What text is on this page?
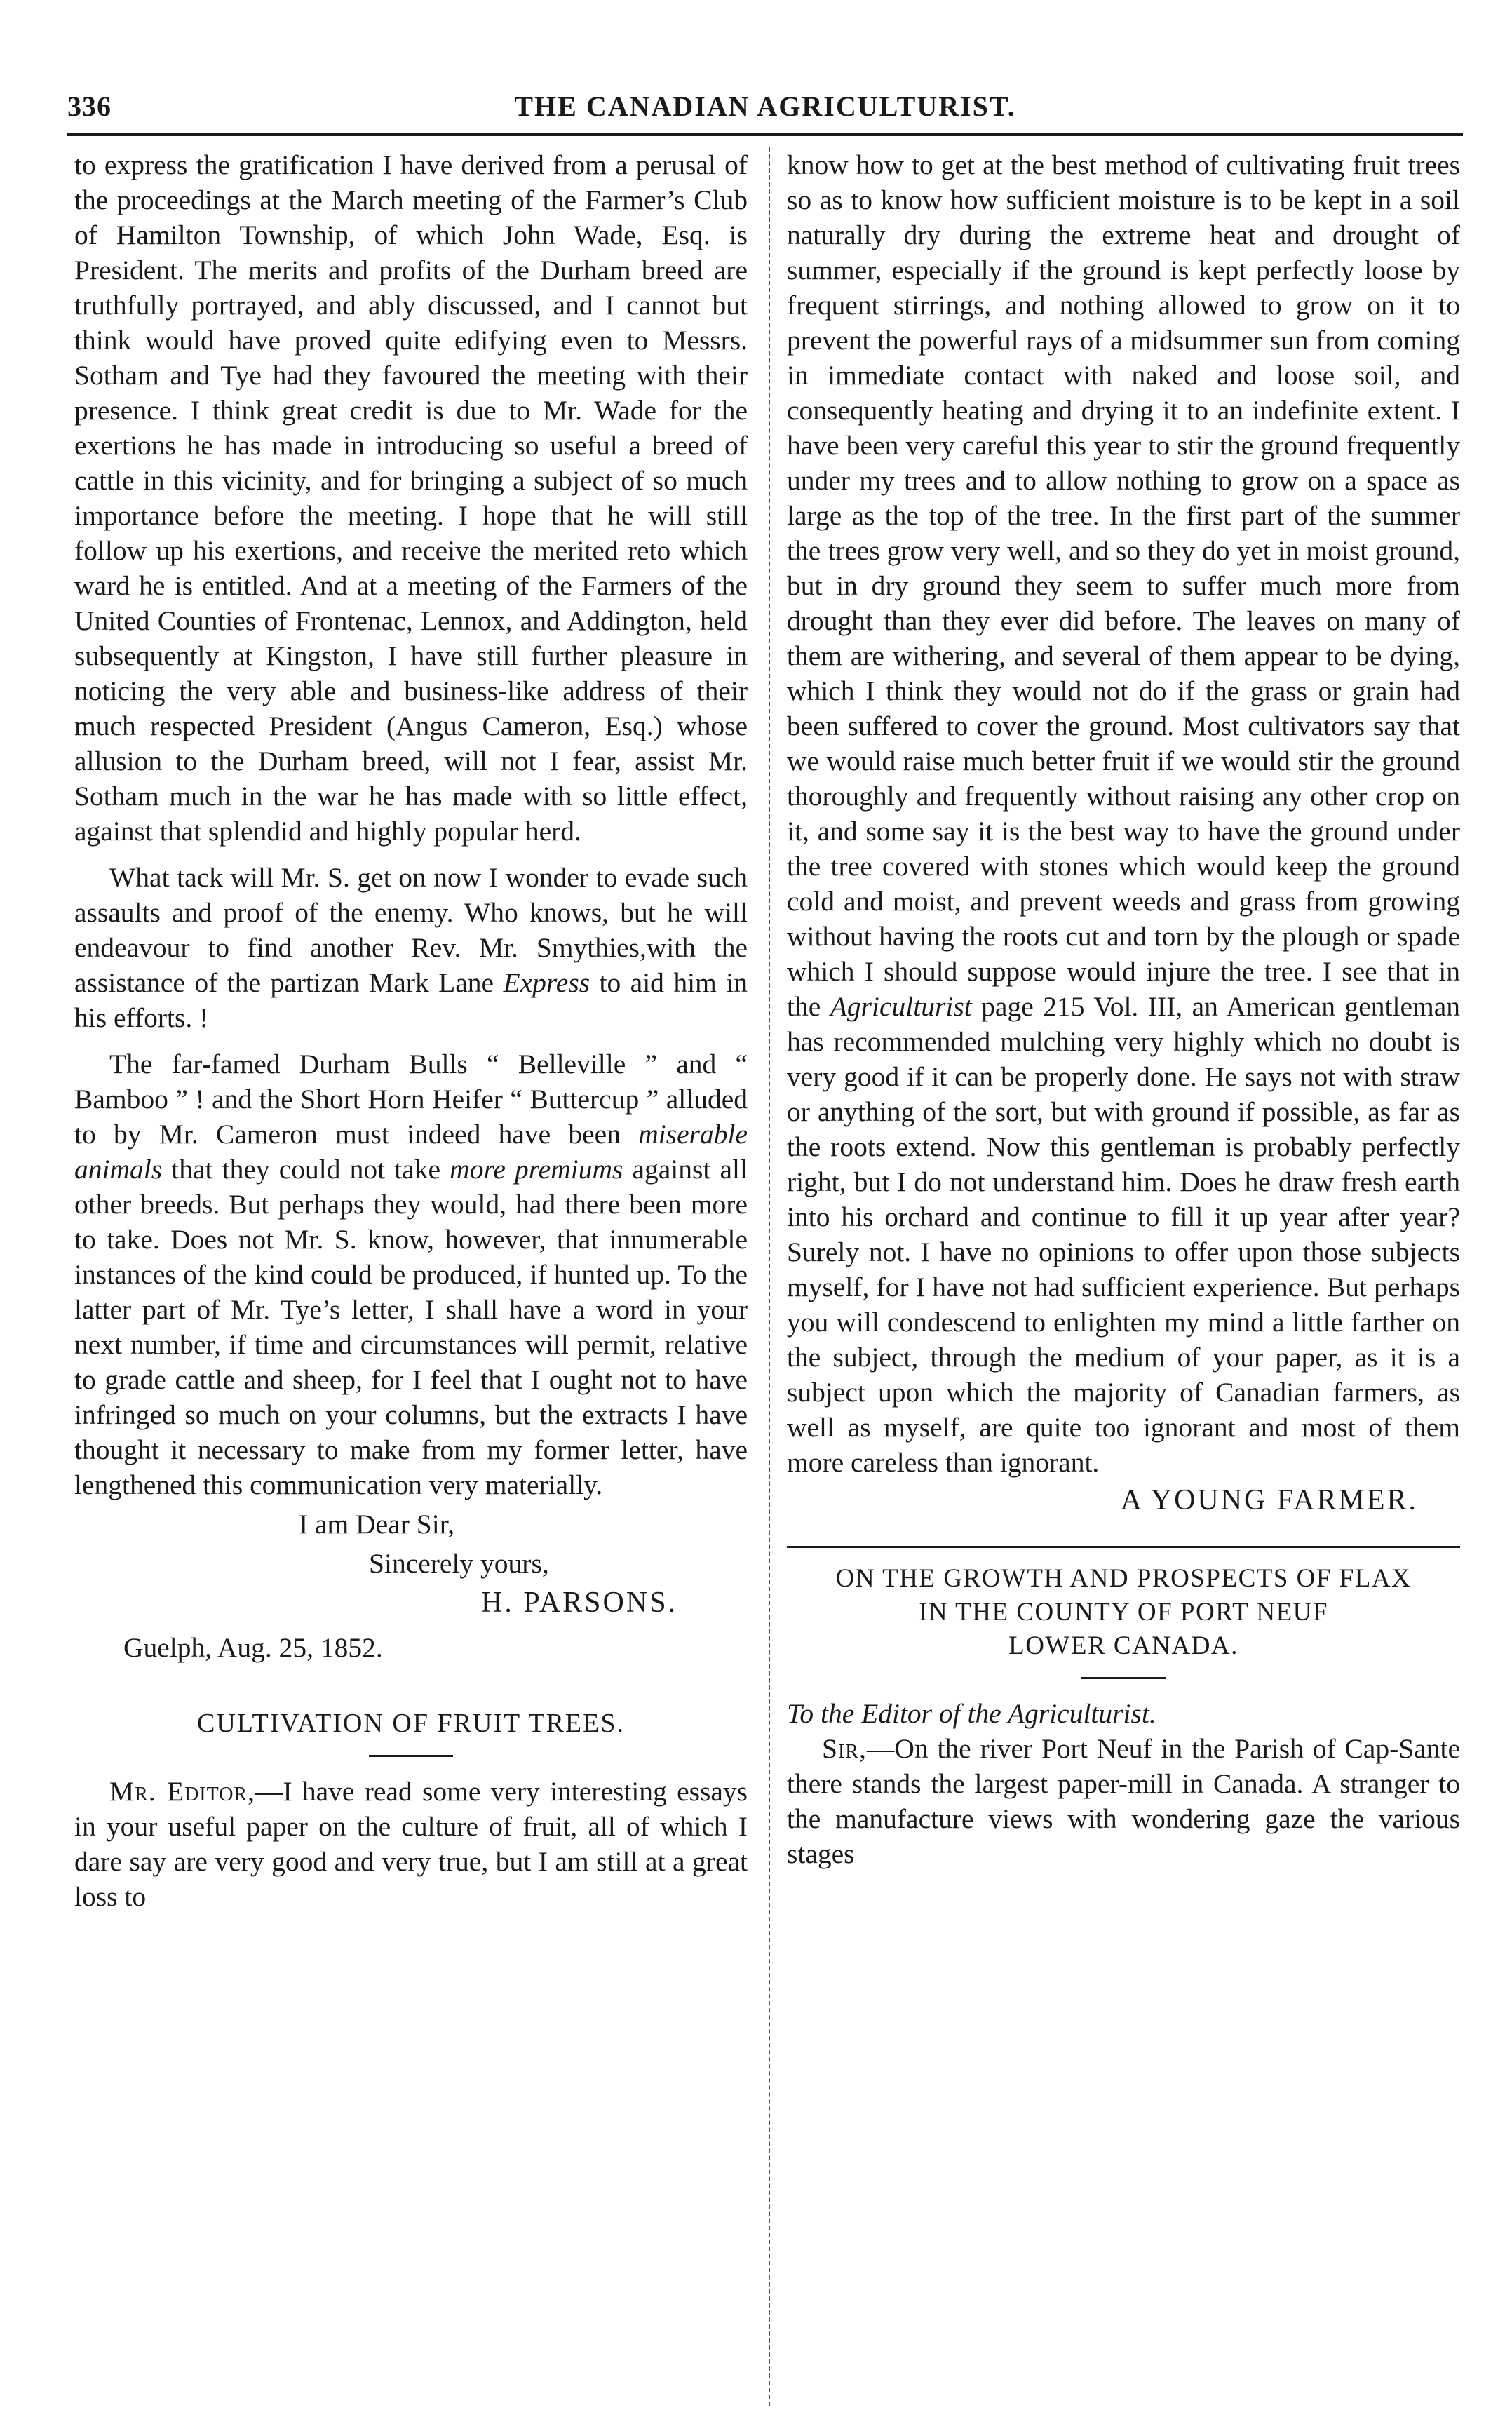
336	THE CANADIAN AGRICULTURIST.

to express the gratification I have derived from a perusal of the proceedings at the March meeting of the Farmer’s Club of Hamilton Township, of which John Wade, Esq. is President. The merits and profits of the Durham breed are truthfully portrayed, and ably discussed, and I cannot but think would have proved quite edifying even to Messrs. Sotham and Tye had they favoured the meeting with their presence. I think great credit is due to Mr. Wade for the exertions he has made in introducing so useful a breed of cattle in this vicinity, and for bringing a subject of so much importance before the meeting. I hope that he will still follow up his exertions, and receive the merited reto which ward he is entitled. And at a meeting of the Farmers of the United Counties of Frontenac, Lennox, and Addington, held subsequently at Kingston, I have still further pleasure in noticing the very able and business-like address of their much respected President (Angus Cameron, Esq.) whose allusion to the Durham breed, will not I fear, assist Mr. Sotham much in the war he has made with so little effect, against that splendid and highly popular herd.

What tack will Mr. S. get on now I wonder to evade such assaults and proof of the enemy. Who knows, but he will endeavour to find another Rev. Mr. Smythies,with the assistance of the partizan Mark Lane Express to aid him in his efforts. !

The far-famed Durham Bulls “ Belleville ” and “ Bamboo ” ! and the Short Horn Heifer “ Buttercup ” alluded to by Mr. Cameron must indeed have been miserable animals that they could not take more premiums against all other breeds. But perhaps they would, had there been more to take. Does not Mr. S. know, however, that innumerable instances of the kind could be produced, if hunted up. To the latter part of Mr. Tye’s letter, I shall have a word in your next number, if time and circumstances will permit, relative to grade cattle and sheep, for I feel that I ought not to have infringed so much on your columns, but the extracts I have thought it necessary to make from my former letter, have lengthened this communication very materially.

I am Dear Sir,

Sincerely yours,

H. PARSONS.

Guelph, Aug. 25, 1852.

CULTIVATION OF FRUIT TREES.

Mr. Editor,—I have read some very interesting essays in your useful paper on the culture of fruit, all of which I dare say are very good and very true, but I am still at a great loss to

know how to get at the best method of cultivating fruit trees so as to know how sufficient moisture is to be kept in a soil naturally dry during the extreme heat and drought of summer, especially if the ground is kept perfectly loose by frequent stirrings, and nothing allowed to grow on it to prevent the powerful rays of a midsummer sun from coming in immediate contact with naked and loose soil, and consequently heating and drying it to an indefinite extent. I have been very careful this year to stir the ground frequently under my trees and to allow nothing to grow on a space as large as the top of the tree. In the first part of the summer the trees grow very well, and so they do yet in moist ground, but in dry ground they seem to suffer much more from drought than they ever did before. The leaves on many of them are withering, and several of them appear to be dying, which I think they would not do if the grass or grain had been suffered to cover the ground. Most cultivators say that we would raise much better fruit if we would stir the ground thoroughly and frequently without raising any other crop on it, and some say it is the best way to have the ground under the tree covered with stones which would keep the ground cold and moist, and prevent weeds and grass from growing without having the roots cut and torn by the plough or spade which I should suppose would injure the tree. I see that in the Agriculturist page 215 Vol. III, an American gentleman has recommended mulching very highly which no doubt is very good if it can be properly done. He says not with straw or anything of the sort, but with ground if possible, as far as the roots extend. Now this gentleman is probably perfectly right, but I do not understand him. Does he draw fresh earth into his orchard and continue to fill it up year after year? Surely not. I have no opinions to offer upon those subjects myself, for I have not had sufficient experience. But perhaps you will condescend to enlighten my mind a little farther on the subject, through the medium of your paper, as it is a subject upon which the majority of Canadian farmers, as well as myself, are quite too ignorant and most of them more careless than ignorant.

A YOUNG FARMER.

ON THE GROWTH AND PROSPECTS OF FLAX
IN THE COUNTY OF PORT NEUF
LOWER CANADA.

To the Editor of the Agriculturist.

Sir,—On the river Port Neuf in the Parish of Cap-Sante there stands the largest paper-mill in Canada. A stranger to the manufacture views with wondering gaze the various stages
